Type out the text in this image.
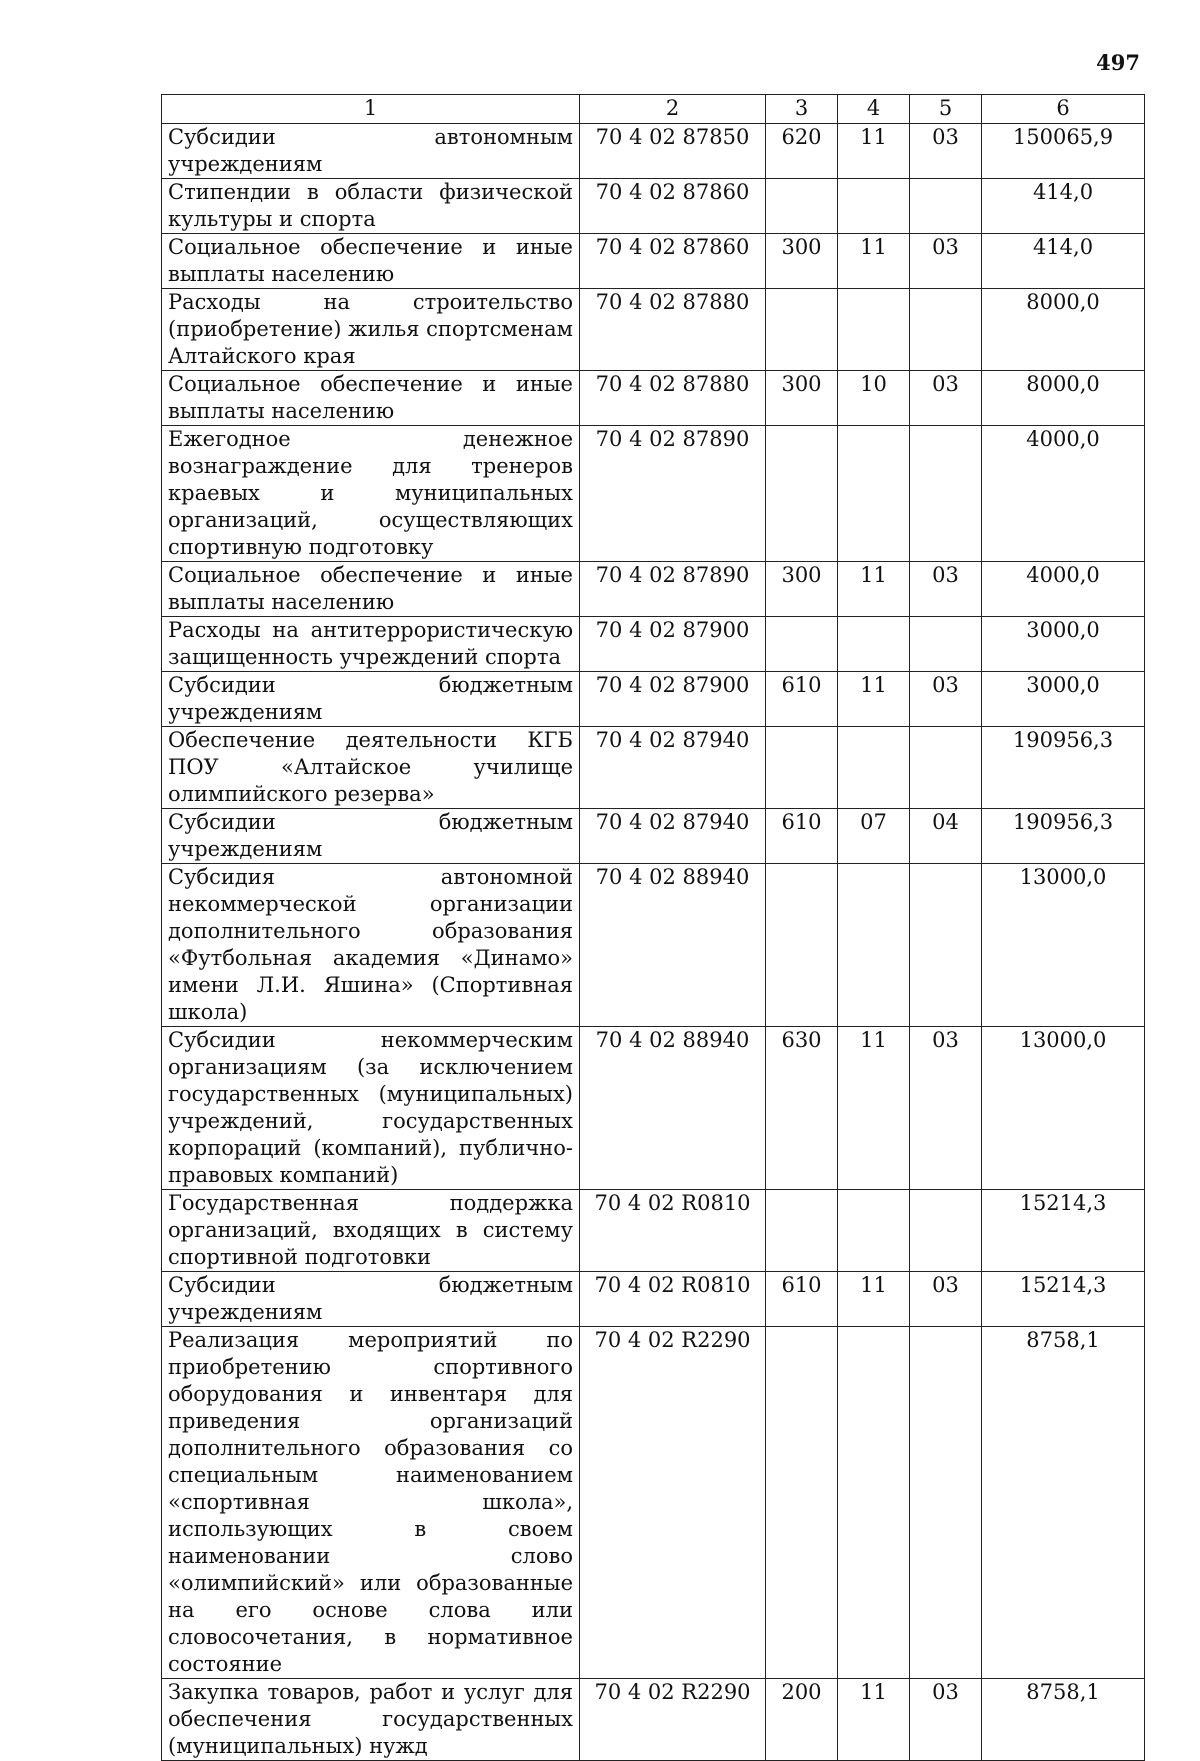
497
1	2	3	4	5	6
Субсидии автономным учреждениям	70 4 02 87850	620	11	03	150065,9
Стипендии в области физической культуры и спорта	70 4 02 87860				414,0
Социальное обеспечение и иные выплаты населению	70 4 02 87860	300	11	03	414,0
Расходы на строительство (приобретение) жилья спортсменам Алтайского края	70 4 02 87880				8000,0
Социальное обеспечение и иные выплаты населению	70 4 02 87880	300	10	03	8000,0
Ежегодное денежное вознаграждение для тренеров краевых и муниципальных организаций, осуществляющих спортивную подготовку	70 4 02 87890				4000,0
Социальное обеспечение и иные выплаты населению	70 4 02 87890	300	11	03	4000,0
Расходы на антитеррористическую защищенность учреждений спорта	70 4 02 87900				3000,0
Субсидии бюджетным учреждениям	70 4 02 87900	610	11	03	3000,0
Обеспечение деятельности КГБ ПОУ «Алтайское училище олимпийского резерва»	70 4 02 87940				190956,3
Субсидии бюджетным учреждениям	70 4 02 87940	610	07	04	190956,3
Субсидия автономной некоммерческой организации дополнительного образования «Футбольная академия «Динамо» имени Л.И. Яшина» (Спортивная школа)	70 4 02 88940				13000,0
Субсидии некоммерческим организациям (за исключением государственных (муниципальных) учреждений, государственных корпораций (компаний), публично-правовых компаний)	70 4 02 88940	630	11	03	13000,0
Государственная поддержка организаций, входящих в систему спортивной подготовки	70 4 02 R0810				15214,3
Субсидии бюджетным учреждениям	70 4 02 R0810	610	11	03	15214,3
Реализация мероприятий по приобретению спортивного оборудования и инвентаря для приведения организаций дополнительного образования со специальным наименованием «спортивная школа», использующих в своем наименовании слово «олимпийский» или образованные на его основе слова или словосочетания, в нормативное состояние	70 4 02 R2290				8758,1
Закупка товаров, работ и услуг для обеспечения государственных (муниципальных) нужд	70 4 02 R2290	200	11	03	8758,1
